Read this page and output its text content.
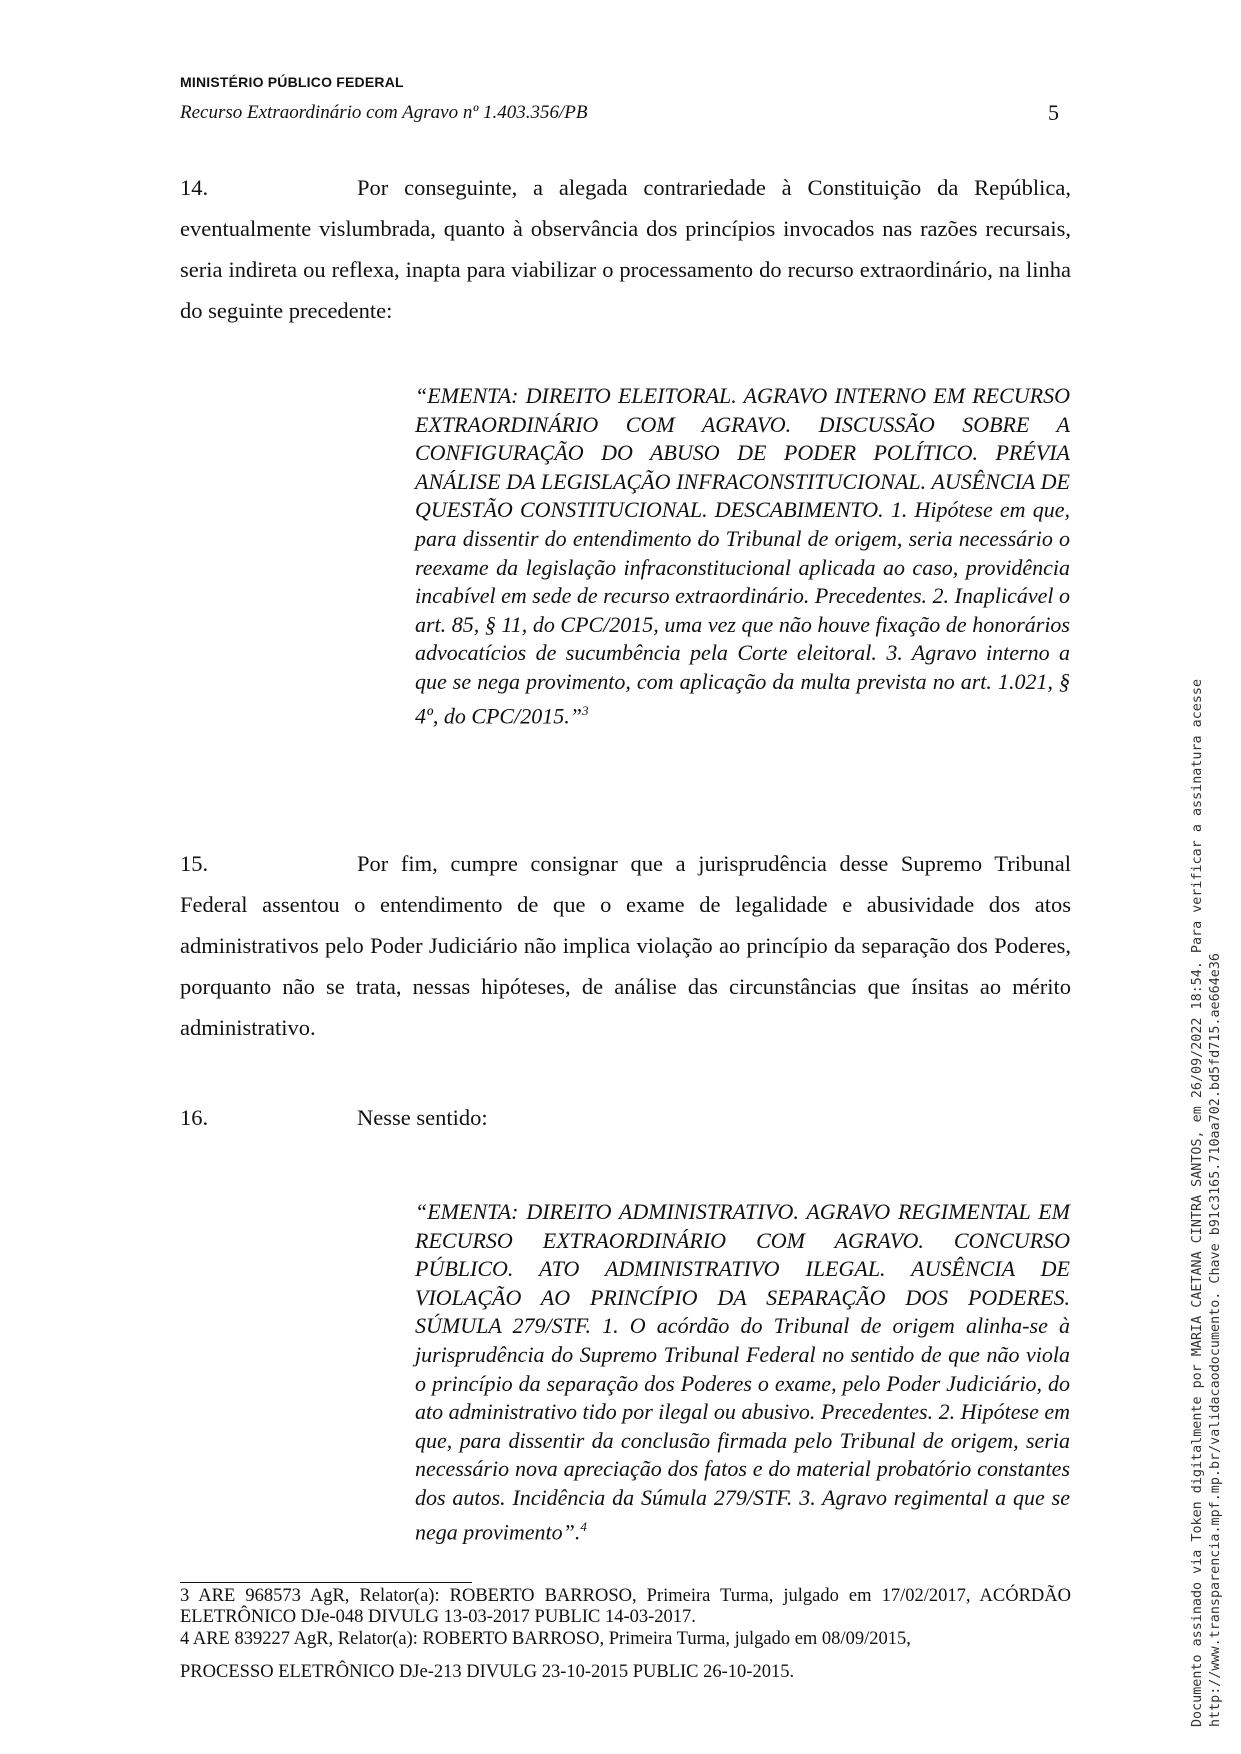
MINISTÉRIO PÚBLICO FEDERAL
Recurso Extraordinário com Agravo nº 1.403.356/PB	5

14.	Por conseguinte, a alegada contrariedade à Constituição da República, eventualmente vislumbrada, quanto à observância dos princípios invocados nas razões recursais, seria indireta ou reflexa, inapta para viabilizar o processamento do recurso extraordinário, na linha do seguinte precedente:

“EMENTA: DIREITO ELEITORAL. AGRAVO INTERNO EM RECURSO EXTRAORDINÁRIO COM AGRAVO. DISCUSSÃO SOBRE A CONFIGURAÇÃO DO ABUSO DE PODER POLÍTICO. PRÉVIA ANÁLISE DA LEGISLAÇÃO INFRACONSTITUCIONAL. AUSÊNCIA DE QUESTÃO CONSTITUCIONAL. DESCABIMENTO. 1. Hipótese em que, para dissentir do entendimento do Tribunal de origem, seria necessário o reexame da legislação infraconstitucional aplicada ao caso, providência incabível em sede de recurso extraordinário. Precedentes. 2. Inaplicável o art. 85, § 11, do CPC/2015, uma vez que não houve fixação de honorários advocatícios de sucumbência pela Corte eleitoral. 3. Agravo interno a que se nega provimento, com aplicação da multa prevista no art. 1.021, § 4º, do CPC/2015.”$^3$

15.	Por fim, cumpre consignar que a jurisprudência desse Supremo Tribunal Federal assentou o entendimento de que o exame de legalidade e abusividade dos atos administrativos pelo Poder Judiciário não implica violação ao princípio da separação dos Poderes, porquanto não se trata, nessas hipóteses, de análise das circunstâncias que ínsitas ao mérito administrativo.

16.	Nesse sentido:

“EMENTA: DIREITO ADMINISTRATIVO. AGRAVO REGIMENTAL EM RECURSO EXTRAORDINÁRIO COM AGRAVO. CONCURSO PÚBLICO. ATO ADMINISTRATIVO ILEGAL. AUSÊNCIA DE VIOLAÇÃO AO PRINCÍPIO DA SEPARAÇÃO DOS PODERES. SÚMULA 279/STF. 1. O acórdão do Tribunal de origem alinha-se à jurisprudência do Supremo Tribunal Federal no sentido de que não viola o princípio da separação dos Poderes o exame, pelo Poder Judiciário, do ato administrativo tido por ilegal ou abusivo. Precedentes. 2. Hipótese em que, para dissentir da conclusão firmada pelo Tribunal de origem, seria necessário nova apreciação dos fatos e do material probatório constantes dos autos. Incidência da Súmula 279/STF. 3. Agravo regimental a que se nega provimento”.$^4$

3 ARE 968573 AgR, Relator(a): ROBERTO BARROSO, Primeira Turma, julgado em 17/02/2017, ACÓRDÃO ELETRÔNICO DJe-048 DIVULG 13-03-2017 PUBLIC 14-03-2017.

4 ARE 839227 AgR, Relator(a): ROBERTO BARROSO, Primeira Turma, julgado em 08/09/2015,

PROCESSO ELETRÔNICO DJe-213 DIVULG 23-10-2015 PUBLIC 26-10-2015.	Documento assinado via Token digitalmente por MARIA CAETANA CINTRA SANTOS, em 26/09/2022 18:54. Para verificar a assinatura acesse http://www.transparencia.mpf.mp.br/validacaodocumento. Chave b91c3165.710aa702.bd5fd715.ae664e36
